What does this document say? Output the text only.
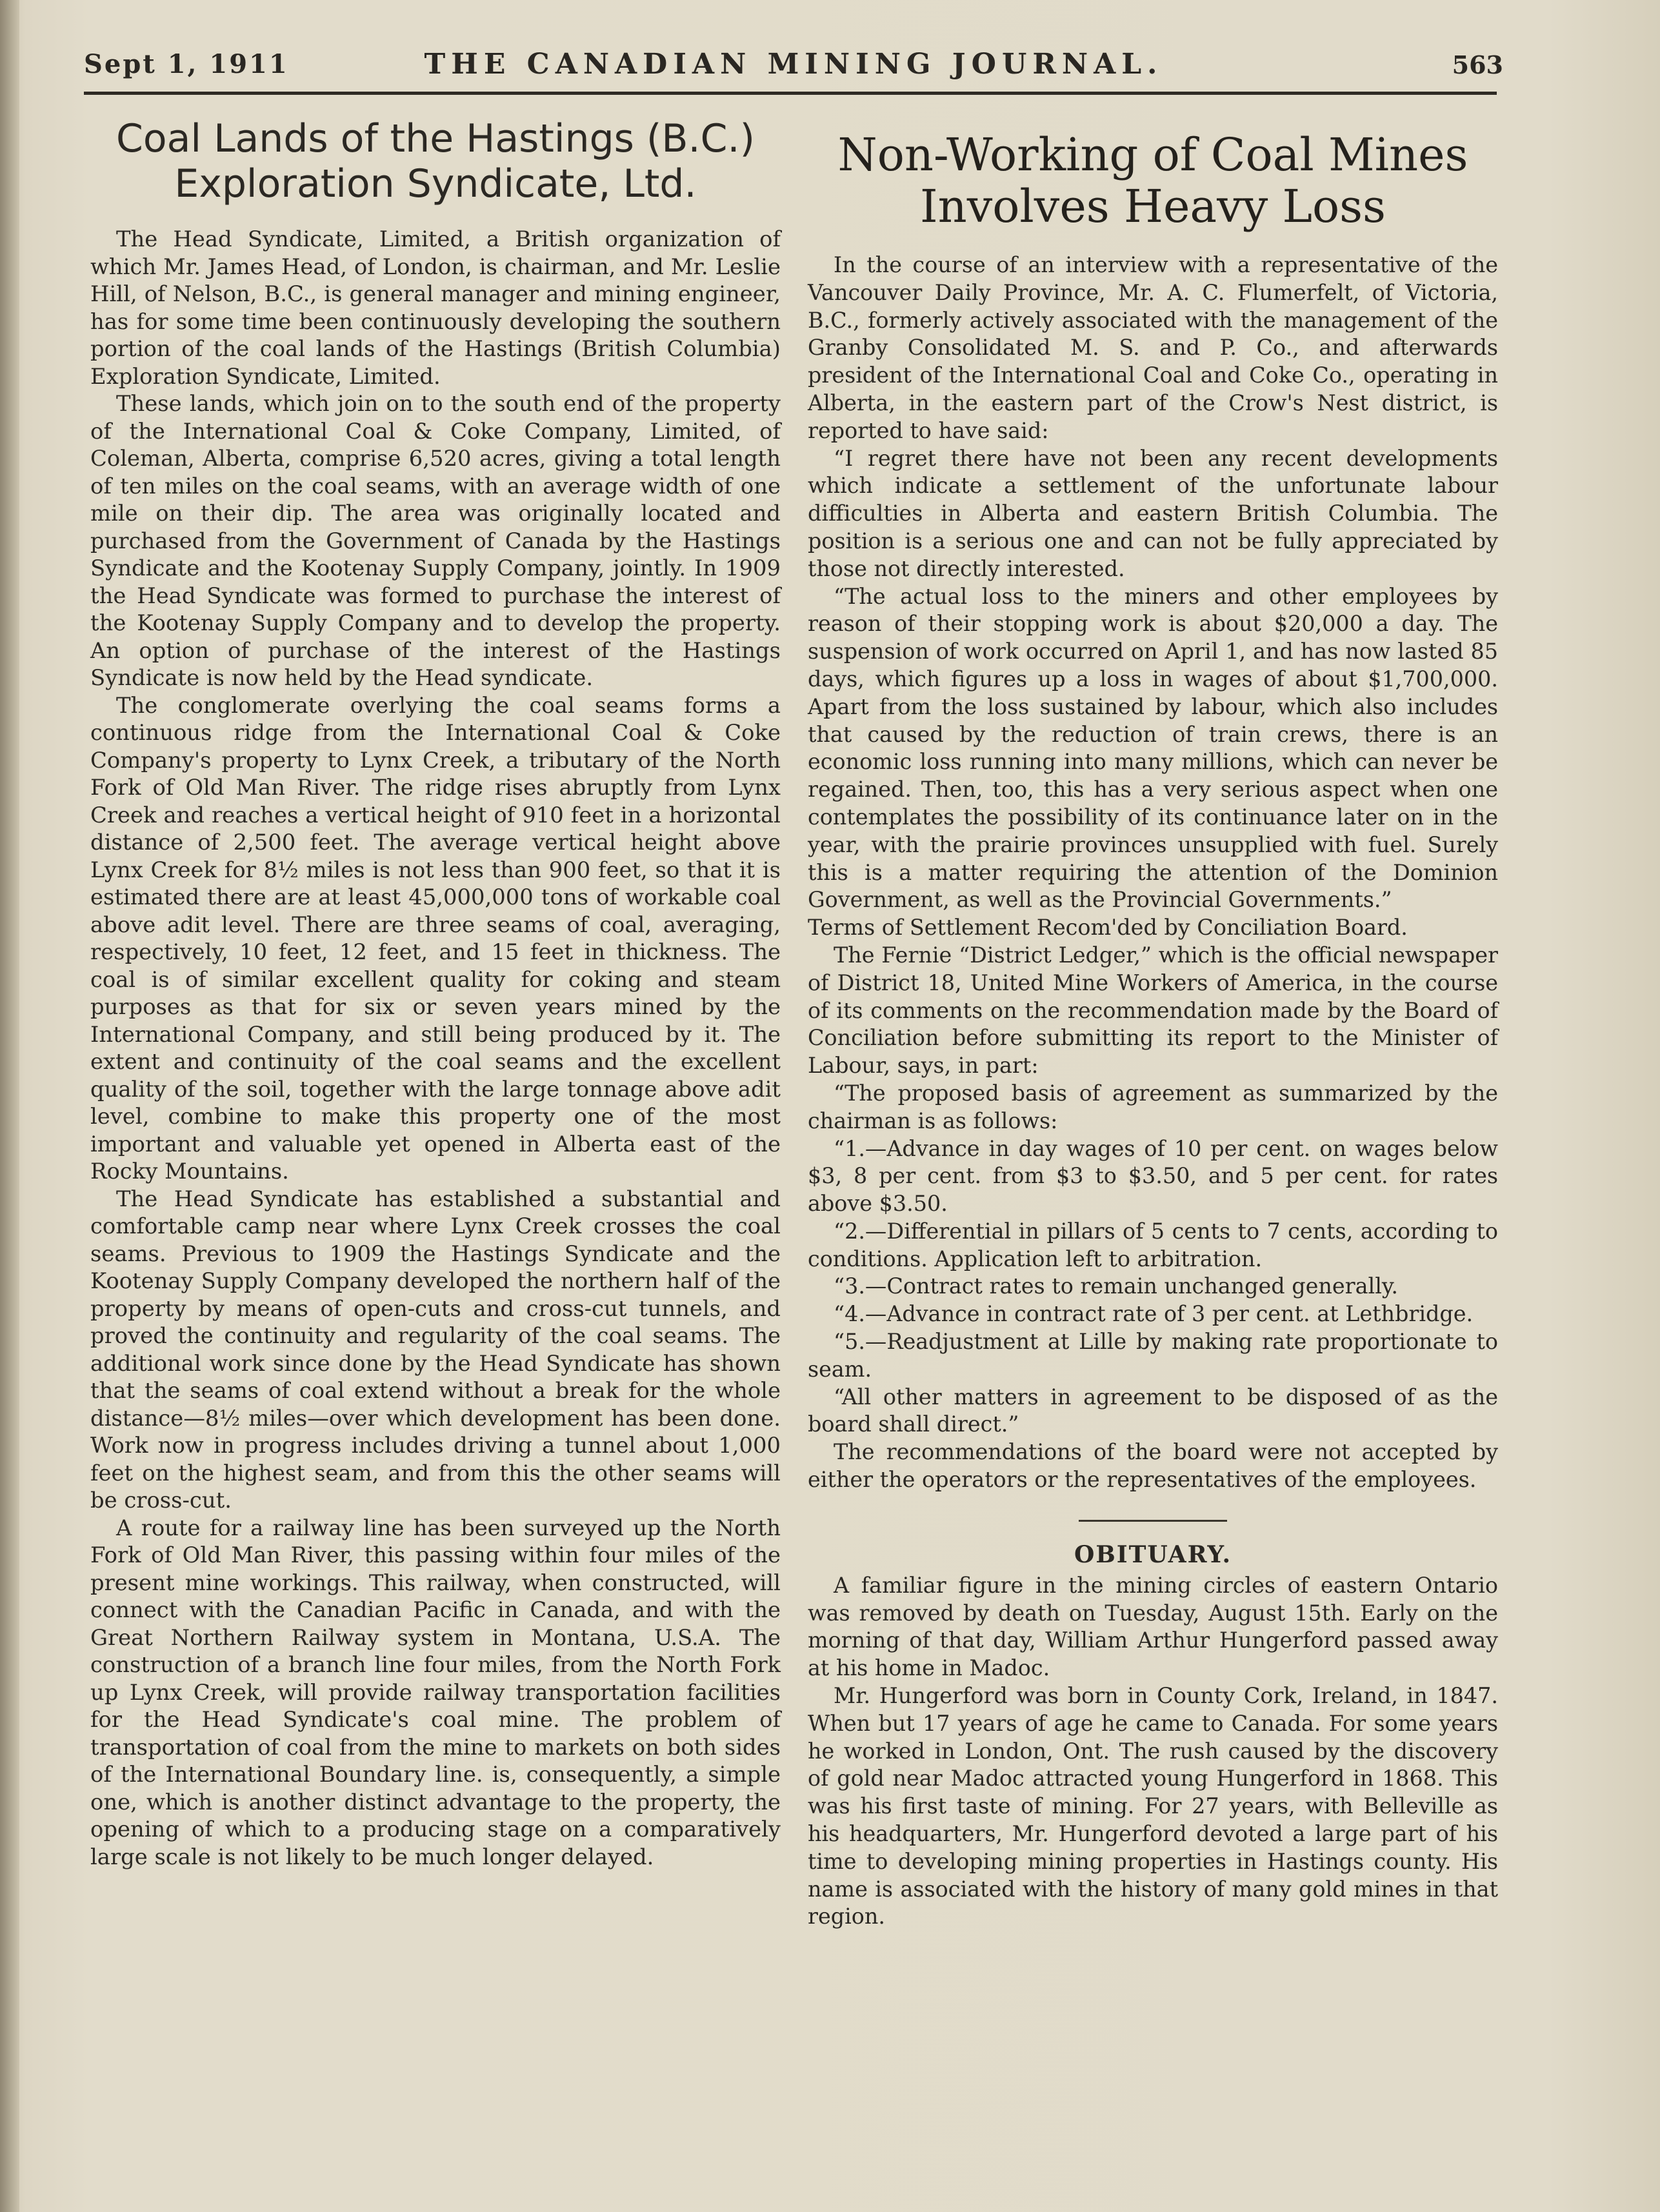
Sept 1, 1911	THE CANADIAN MINING JOURNAL.	563
Coal Lands of the Hastings (B.C.) Exploration Syndicate, Ltd.

The Head Syndicate, Limited, a British organization of which Mr. James Head, of London, is chairman, and Mr. Leslie Hill, of Nelson, B.C., is general manager and mining engineer, has for some time been continuously developing the southern portion of the coal lands of the Hastings (British Columbia) Exploration Syndicate, Limited.

These lands, which join on to the south end of the property of the International Coal & Coke Company, Limited, of Coleman, Alberta, comprise 6,520 acres, giving a total length of ten miles on the coal seams, with an average width of one mile on their dip. The area was originally located and purchased from the Government of Canada by the Hastings Syndicate and the Kootenay Supply Company, jointly. In 1909 the Head Syndicate was formed to purchase the interest of the Kootenay Supply Company and to develop the property. An option of purchase of the interest of the Hastings Syndicate is now held by the Head syndicate.

The conglomerate overlying the coal seams forms a continuous ridge from the International Coal & Coke Company's property to Lynx Creek, a tributary of the North Fork of Old Man River. The ridge rises abruptly from Lynx Creek and reaches a vertical height of 910 feet in a horizontal distance of 2,500 feet. The average vertical height above Lynx Creek for 8½ miles is not less than 900 feet, so that it is estimated there are at least 45,000,000 tons of workable coal above adit level. There are three seams of coal, averaging, respectively, 10 feet, 12 feet, and 15 feet in thickness. The coal is of similar excellent quality for coking and steam purposes as that for six or seven years mined by the International Company, and still being produced by it. The extent and continuity of the coal seams and the excellent quality of the soil, together with the large tonnage above adit level, combine to make this property one of the most important and valuable yet opened in Alberta east of the Rocky Mountains.

The Head Syndicate has established a substantial and comfortable camp near where Lynx Creek crosses the coal seams. Previous to 1909 the Hastings Syndicate and the Kootenay Supply Company developed the northern half of the property by means of open-cuts and cross-cut tunnels, and proved the continuity and regularity of the coal seams. The additional work since done by the Head Syndicate has shown that the seams of coal extend without a break for the whole distance—8½ miles—over which development has been done. Work now in progress includes driving a tunnel about 1,000 feet on the highest seam, and from this the other seams will be cross-cut.

A route for a railway line has been surveyed up the North Fork of Old Man River, this passing within four miles of the present mine workings. This railway, when constructed, will connect with the Canadian Pacific in Canada, and with the Great Northern Railway system in Montana, U.S.A. The construction of a branch line four miles, from the North Fork up Lynx Creek, will provide railway transportation facilities for the Head Syndicate's coal mine. The problem of transportation of coal from the mine to markets on both sides of the International Boundary line. is, consequently, a simple one, which is another distinct advantage to the property, the opening of which to a producing stage on a comparatively large scale is not likely to be much longer delayed.

Non-Working of Coal Mines Involves Heavy Loss

In the course of an interview with a representative of the Vancouver Daily Province, Mr. A. C. Flumerfelt, of Victoria, B.C., formerly actively associated with the management of the Granby Consolidated M. S. and P. Co., and afterwards president of the International Coal and Coke Co., operating in Alberta, in the eastern part of the Crow's Nest district, is reported to have said:

“I regret there have not been any recent developments which indicate a settlement of the unfortunate labour difficulties in Alberta and eastern British Columbia. The position is a serious one and can not be fully appreciated by those not directly interested.

“The actual loss to the miners and other employees by reason of their stopping work is about $20,000 a day. The suspension of work occurred on April 1, and has now lasted 85 days, which figures up a loss in wages of about $1,700,000. Apart from the loss sustained by labour, which also includes that caused by the reduction of train crews, there is an economic loss running into many millions, which can never be regained. Then, too, this has a very serious aspect when one contemplates the possibility of its continuance later on in the year, with the prairie provinces unsupplied with fuel. Surely this is a matter requiring the attention of the Dominion Government, as well as the Provincial Governments.”

Terms of Settlement Recom'ded by Conciliation Board.

The Fernie “District Ledger,” which is the official newspaper of District 18, United Mine Workers of America, in the course of its comments on the recommendation made by the Board of Conciliation before submitting its report to the Minister of Labour, says, in part:

“The proposed basis of agreement as summarized by the chairman is as follows:

“1.—Advance in day wages of 10 per cent. on wages below $3, 8 per cent. from $3 to $3.50, and 5 per cent. for rates above $3.50.

“2.—Differential in pillars of 5 cents to 7 cents, according to conditions. Application left to arbitration.

“3.—Contract rates to remain unchanged generally.

“4.—Advance in contract rate of 3 per cent. at Lethbridge.

“5.—Readjustment at Lille by making rate proportionate to seam.

“All other matters in agreement to be disposed of as the board shall direct.”

The recommendations of the board were not accepted by either the operators or the representatives of the employees.

OBITUARY.

A familiar figure in the mining circles of eastern Ontario was removed by death on Tuesday, August 15th. Early on the morning of that day, William Arthur Hungerford passed away at his home in Madoc.

Mr. Hungerford was born in County Cork, Ireland, in 1847. When but 17 years of age he came to Canada. For some years he worked in London, Ont. The rush caused by the discovery of gold near Madoc attracted young Hungerford in 1868. This was his first taste of mining. For 27 years, with Belleville as his headquarters, Mr. Hungerford devoted a large part of his time to developing mining properties in Hastings county. His name is associated with the history of many gold mines in that region.
